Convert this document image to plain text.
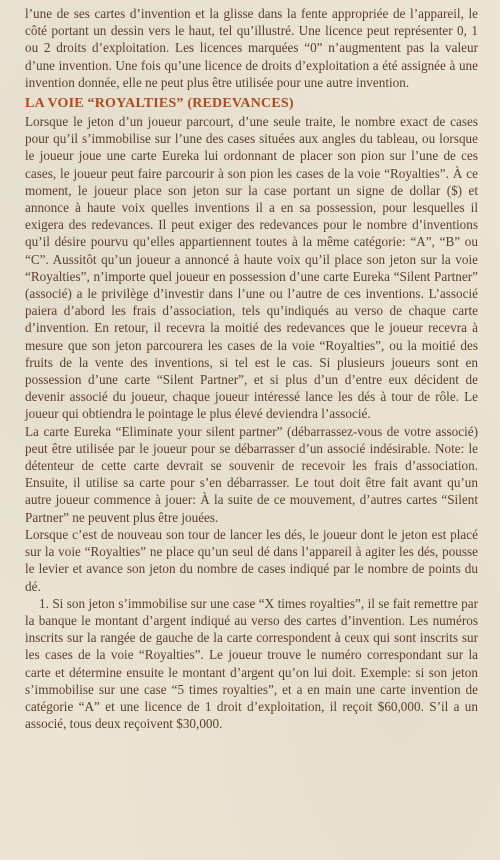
l’une de ses cartes d’invention et la glisse dans la fente appropriée de l’appareil, le côté portant un dessin vers le haut, tel qu’illustré. Une licence peut représenter 0, 1 ou 2 droits d’exploitation. Les licences marquées “0” n’augmentent pas la valeur d’une invention. Une fois qu’une licence de droits d’exploitation a été assignée à une invention donnée, elle ne peut plus être utilisée pour une autre invention.

LA VOIE “ROYALTIES” (REDEVANCES)

Lorsque le jeton d’un joueur parcourt, d’une seule traite, le nombre exact de cases pour qu’il s’immobilise sur l’une des cases situées aux angles du tableau, ou lorsque le joueur joue une carte Eureka lui ordonnant de placer son pion sur l’une de ces cases, le joueur peut faire parcourir à son pion les cases de la voie “Royalties”. À ce moment, le joueur place son jeton sur la case portant un signe de dollar ($) et annonce à haute voix quelles inventions il a en sa possession, pour lesquelles il exigera des redevances. Il peut exiger des redevances pour le nombre d’inventions qu’il désire pourvu qu’elles appartiennent toutes à la même catégorie: “A”, “B” ou “C”. Aussitôt qu’un joueur a annoncé à haute voix qu’il place son jeton sur la voie “Royalties”, n’importe quel joueur en possession d’une carte Eureka “Silent Partner” (associé) a le privilège d’investir dans l’une ou l’autre de ces inventions. L’associé paiera d’abord les frais d’association, tels qu’indiqués au verso de chaque carte d’invention. En retour, il recevra la moitié des redevances que le joueur recevra à mesure que son jeton parcourera les cases de la voie “Royalties”, ou la moitié des fruits de la vente des inventions, si tel est le cas. Si plusieurs joueurs sont en possession d’une carte “Silent Partner”, et si plus d’un d’entre eux décident de devenir associé du joueur, chaque joueur intéressé lance les dés à tour de rôle. Le joueur qui obtiendra le pointage le plus élevé deviendra l’associé.

La carte Eureka “Eliminate your silent partner” (débarrassez-vous de votre associé) peut être utilisée par le joueur pour se débarrasser d’un associé indésirable. Note: le détenteur de cette carte devrait se souvenir de recevoir les frais d’association. Ensuite, il utilise sa carte pour s’en débarrasser. Le tout doit être fait avant qu’un autre joueur commence à jouer: À la suite de ce mouvement, d’autres cartes “Silent Partner” ne peuvent plus être jouées.

Lorsque c’est de nouveau son tour de lancer les dés, le joueur dont le jeton est placé sur la voie “Royalties” ne place qu’un seul dé dans l’appareil à agiter les dés, pousse le levier et avance son jeton du nombre de cases indiqué par le nombre de points du dé.

1. Si son jeton s’immobilise sur une case “X times royalties”, il se fait remettre par la banque le montant d’argent indiqué au verso des cartes d’invention. Les numéros inscrits sur la rangée de gauche de la carte correspondent à ceux qui sont inscrits sur les cases de la voie “Royalties”. Le joueur trouve le numéro correspondant sur la carte et détermine ensuite le montant d’argent qu’on lui doit. Exemple: si son jeton s’immobilise sur une case “5 times royalties”, et a en main une carte invention de catégorie “A” et une licence de 1 droit d’exploitation, il reçoit $60,000. S’il a un associé, tous deux reçoivent $30,000.
